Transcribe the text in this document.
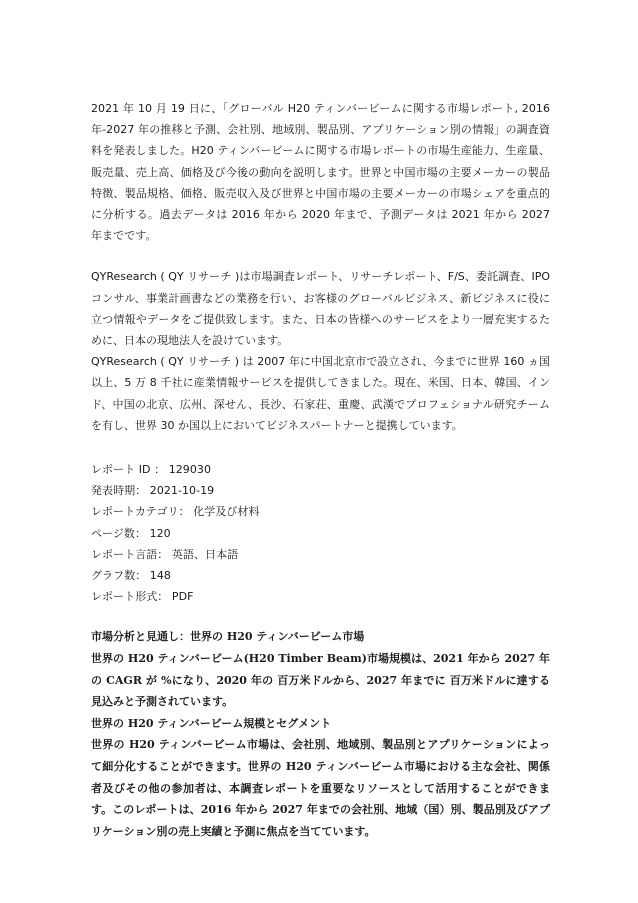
2021 年 10 月 19 日に、「グローバル H20 ティンバービームに関する市場レポート, 2016 年-2027 年の推移と予測、会社別、地域別、製品別、アプリケーション別の情報」の調査資料を発表しました。H20 ティンバービームに関する市場レポートの市場生産能力、生産量、販売量、売上高、価格及び今後の動向を説明します。世界と中国市場の主要メーカーの製品特徴、製品規格、価格、販売収入及び世界と中国市場の主要メーカーの市場シェアを重点的に分析する。過去データは 2016 年から 2020 年まで、予測データは 2021 年から 2027 年までです。

QYResearch ( QY リサーチ )は市場調査レポート、リサーチレポート、F/S、委託調査、IPO コンサル、事業計画書などの業務を行い、お客様のグローバルビジネス、新ビジネスに役に立つ情報やデータをご提供致します。また、日本の皆様へのサービスをより一層充実するために、日本の現地法人を設けています。

QYResearch ( QY リサーチ ) は 2007 年に中国北京市で設立され、今までに世界 160 ヵ国以上、5 万 8 千社に産業情報サービスを提供してきました。現在、米国、日本、韓国、インド、中国の北京、広州、深せん、長沙、石家荘、重慶、武漢でプロフェショナル研究チームを有し、世界 30 か国以上においてビジネスパートナーと提携しています。

レポート ID ： 129030

発表時期： 2021-10-19

レポートカテゴリ： 化学及び材料

ページ数： 120

レポート言語： 英語、日本語

グラフ数： 148

レポート形式： PDF

市場分析と見通し：世界の H20 ティンバービーム市場

世界の H20 ティンバービーム(H20 Timber Beam)市場規模は、2021 年から 2027 年の CAGR が %になり、2020 年の 百万米ドルから、2027 年までに 百万米ドルに達する見込みと予測されています。

世界の H20 ティンバービーム規模とセグメント

世界の H20 ティンバービーム市場は、会社別、地域別、製品別とアプリケーションによって細分化することができます。世界の H20 ティンバービーム市場における主な会社、関係者及びその他の参加者は、本調査レポートを重要なリソースとして活用することができます。このレポートは、2016 年から 2027 年までの会社別、地域（国）別、製品別及びアプリケーション別の売上実績と予測に焦点を当てています。
